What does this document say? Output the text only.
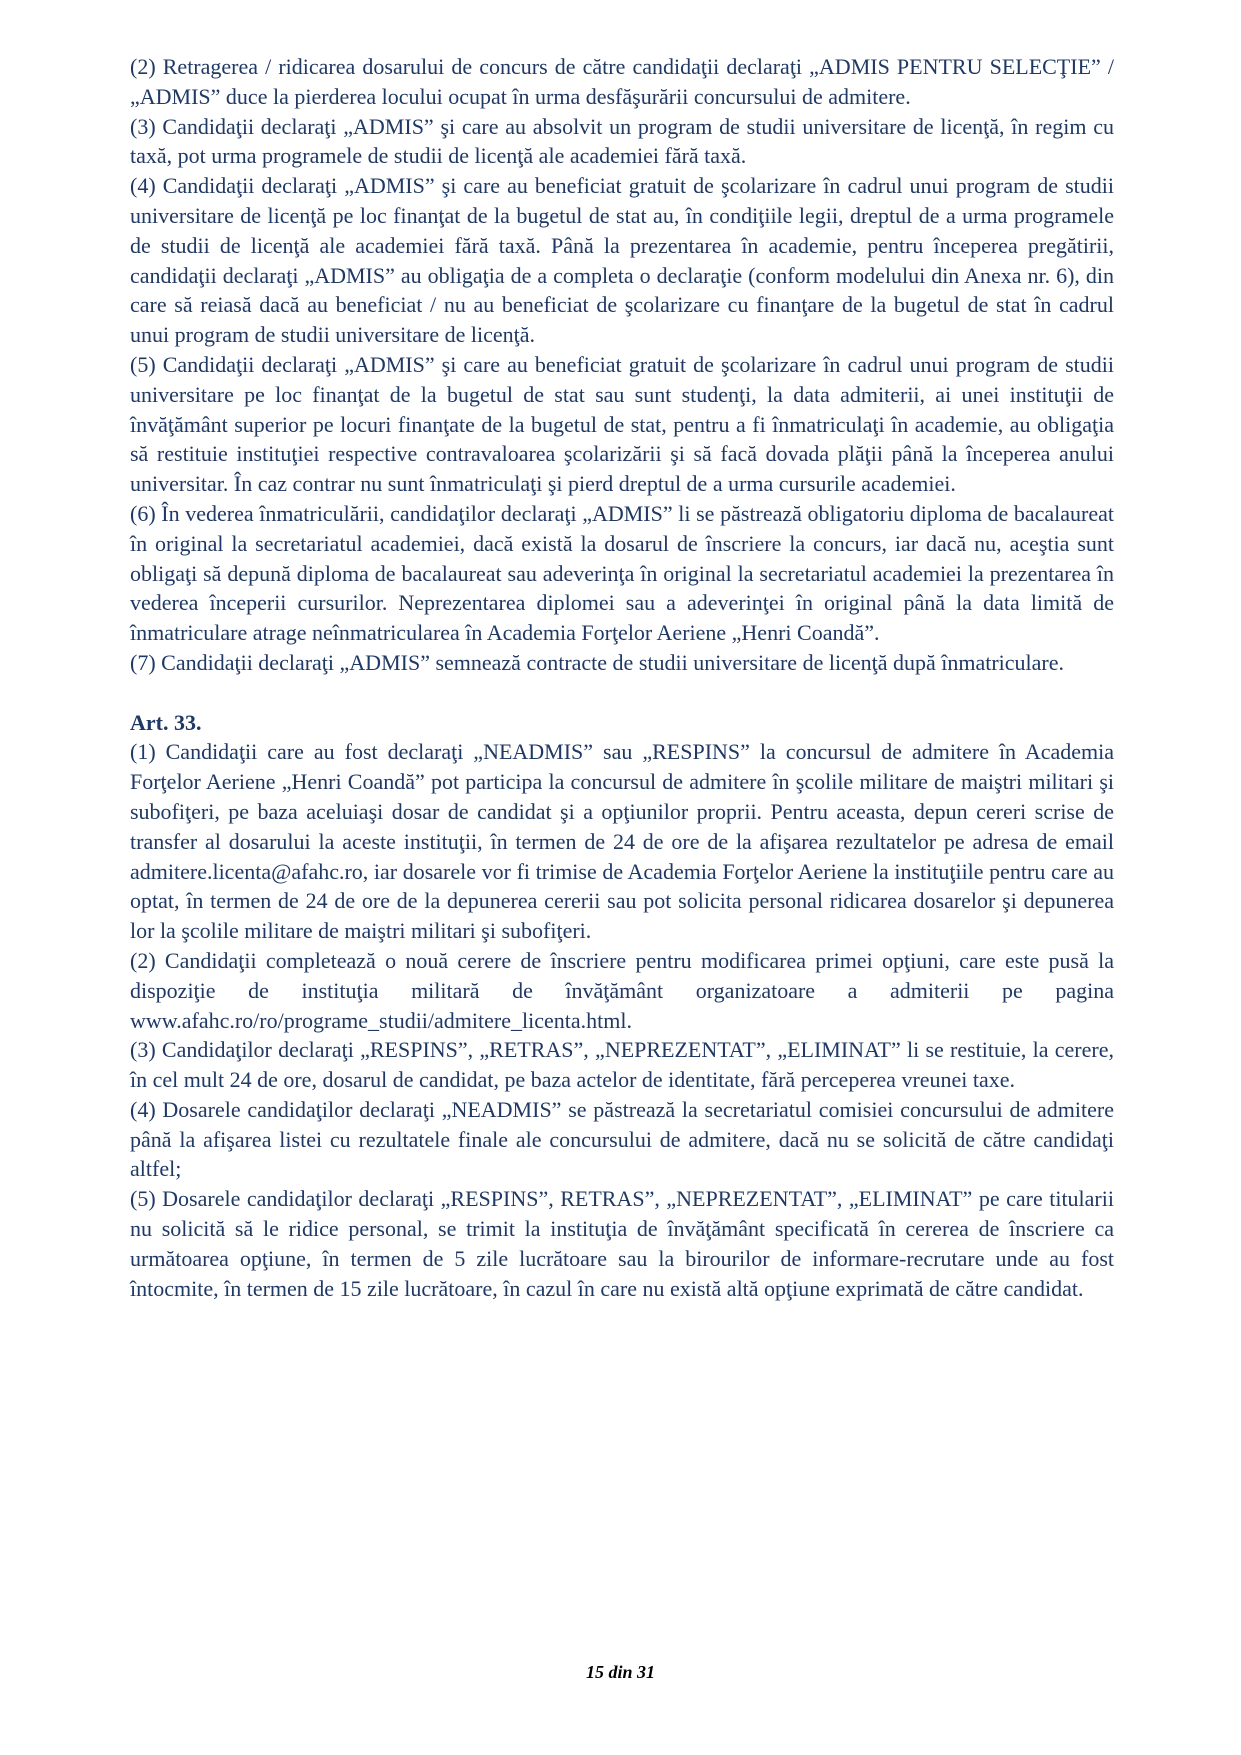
(2) Retragerea / ridicarea dosarului de concurs de către candidaţii declaraţi „ADMIS PENTRU SELECŢIE” / „ADMIS” duce la pierderea locului ocupat în urma desfăşurării concursului de admitere.

(3) Candidaţii declaraţi „ADMIS” şi care au absolvit un program de studii universitare de licenţă, în regim cu taxă, pot urma programele de studii de licenţă ale academiei fără taxă.

(4) Candidaţii declaraţi „ADMIS” şi care au beneficiat gratuit de şcolarizare în cadrul unui program de studii universitare de licenţă pe loc finanţat de la bugetul de stat au, în condiţiile legii, dreptul de a urma programele de studii de licenţă ale academiei fără taxă. Până la prezentarea în academie, pentru începerea pregătirii, candidaţii declaraţi „ADMIS” au obligaţia de a completa o declaraţie (conform modelului din Anexa nr. 6), din care să reiasă dacă au beneficiat / nu au beneficiat de şcolarizare cu finanţare de la bugetul de stat în cadrul unui program de studii universitare de licenţă.

(5) Candidaţii declaraţi „ADMIS” şi care au beneficiat gratuit de şcolarizare în cadrul unui program de studii universitare pe loc finanţat de la bugetul de stat sau sunt studenţi, la data admiterii, ai unei instituţii de învăţământ superior pe locuri finanţate de la bugetul de stat, pentru a fi înmatriculaţi în academie, au obligaţia să restituie instituţiei respective contravaloarea şcolarizării şi să facă dovada plăţii până la începerea anului universitar. În caz contrar nu sunt înmatriculaţi şi pierd dreptul de a urma cursurile academiei.

(6) În vederea înmatriculării, candidaţilor declaraţi „ADMIS” li se păstrează obligatoriu diploma de bacalaureat în original la secretariatul academiei, dacă există la dosarul de înscriere la concurs, iar dacă nu, aceştia sunt obligaţi să depună diploma de bacalaureat sau adeverinţa în original la secretariatul academiei la prezentarea în vederea începerii cursurilor. Neprezentarea diplomei sau a adeverinţei în original până la data limită de înmatriculare atrage neînmatricularea în Academia Forţelor Aeriene „Henri Coandă”.

(7) Candidaţii declaraţi „ADMIS” semnează contracte de studii universitare de licenţă după înmatriculare.

Art. 33.

(1) Candidaţii care au fost declaraţi „NEADMIS” sau „RESPINS” la concursul de admitere în Academia Forţelor Aeriene „Henri Coandă” pot participa la concursul de admitere în şcolile militare de maiştri militari şi subofiţeri, pe baza aceluiaşi dosar de candidat şi a opţiunilor proprii. Pentru aceasta, depun cereri scrise de transfer al dosarului la aceste instituţii, în termen de 24 de ore de la afişarea rezultatelor pe adresa de email admitere.licenta@afahc.ro, iar dosarele vor fi trimise de Academia Forţelor Aeriene la instituţiile pentru care au optat, în termen de 24 de ore de la depunerea cererii sau pot solicita personal ridicarea dosarelor şi depunerea lor la şcolile militare de maiştri militari şi subofiţeri.

(2) Candidaţii completează o nouă cerere de înscriere pentru modificarea primei opţiuni, care este pusă la dispoziţie de instituţia militară de învăţământ organizatoare a admiterii pe pagina www.afahc.ro/ro/programe_studii/admitere_licenta.html.

(3) Candidaţilor declaraţi „RESPINS”, „RETRAS”, „NEPREZENTAT”, „ELIMINAT” li se restituie, la cerere, în cel mult 24 de ore, dosarul de candidat, pe baza actelor de identitate, fără perceperea vreunei taxe.

(4) Dosarele candidaţilor declaraţi „NEADMIS” se păstrează la secretariatul comisiei concursului de admitere până la afişarea listei cu rezultatele finale ale concursului de admitere, dacă nu se solicită de către candidaţi altfel;

(5) Dosarele candidaţilor declaraţi „RESPINS”, RETRAS”, „NEPREZENTAT”, „ELIMINAT” pe care titularii nu solicită să le ridice personal, se trimit la instituţia de învăţământ specificată în cererea de înscriere ca următoarea opţiune, în termen de 5 zile lucrătoare sau la birourilor de informare-recrutare unde au fost întocmite, în termen de 15 zile lucrătoare, în cazul în care nu există altă opţiune exprimată de către candidat.

15 din 31
